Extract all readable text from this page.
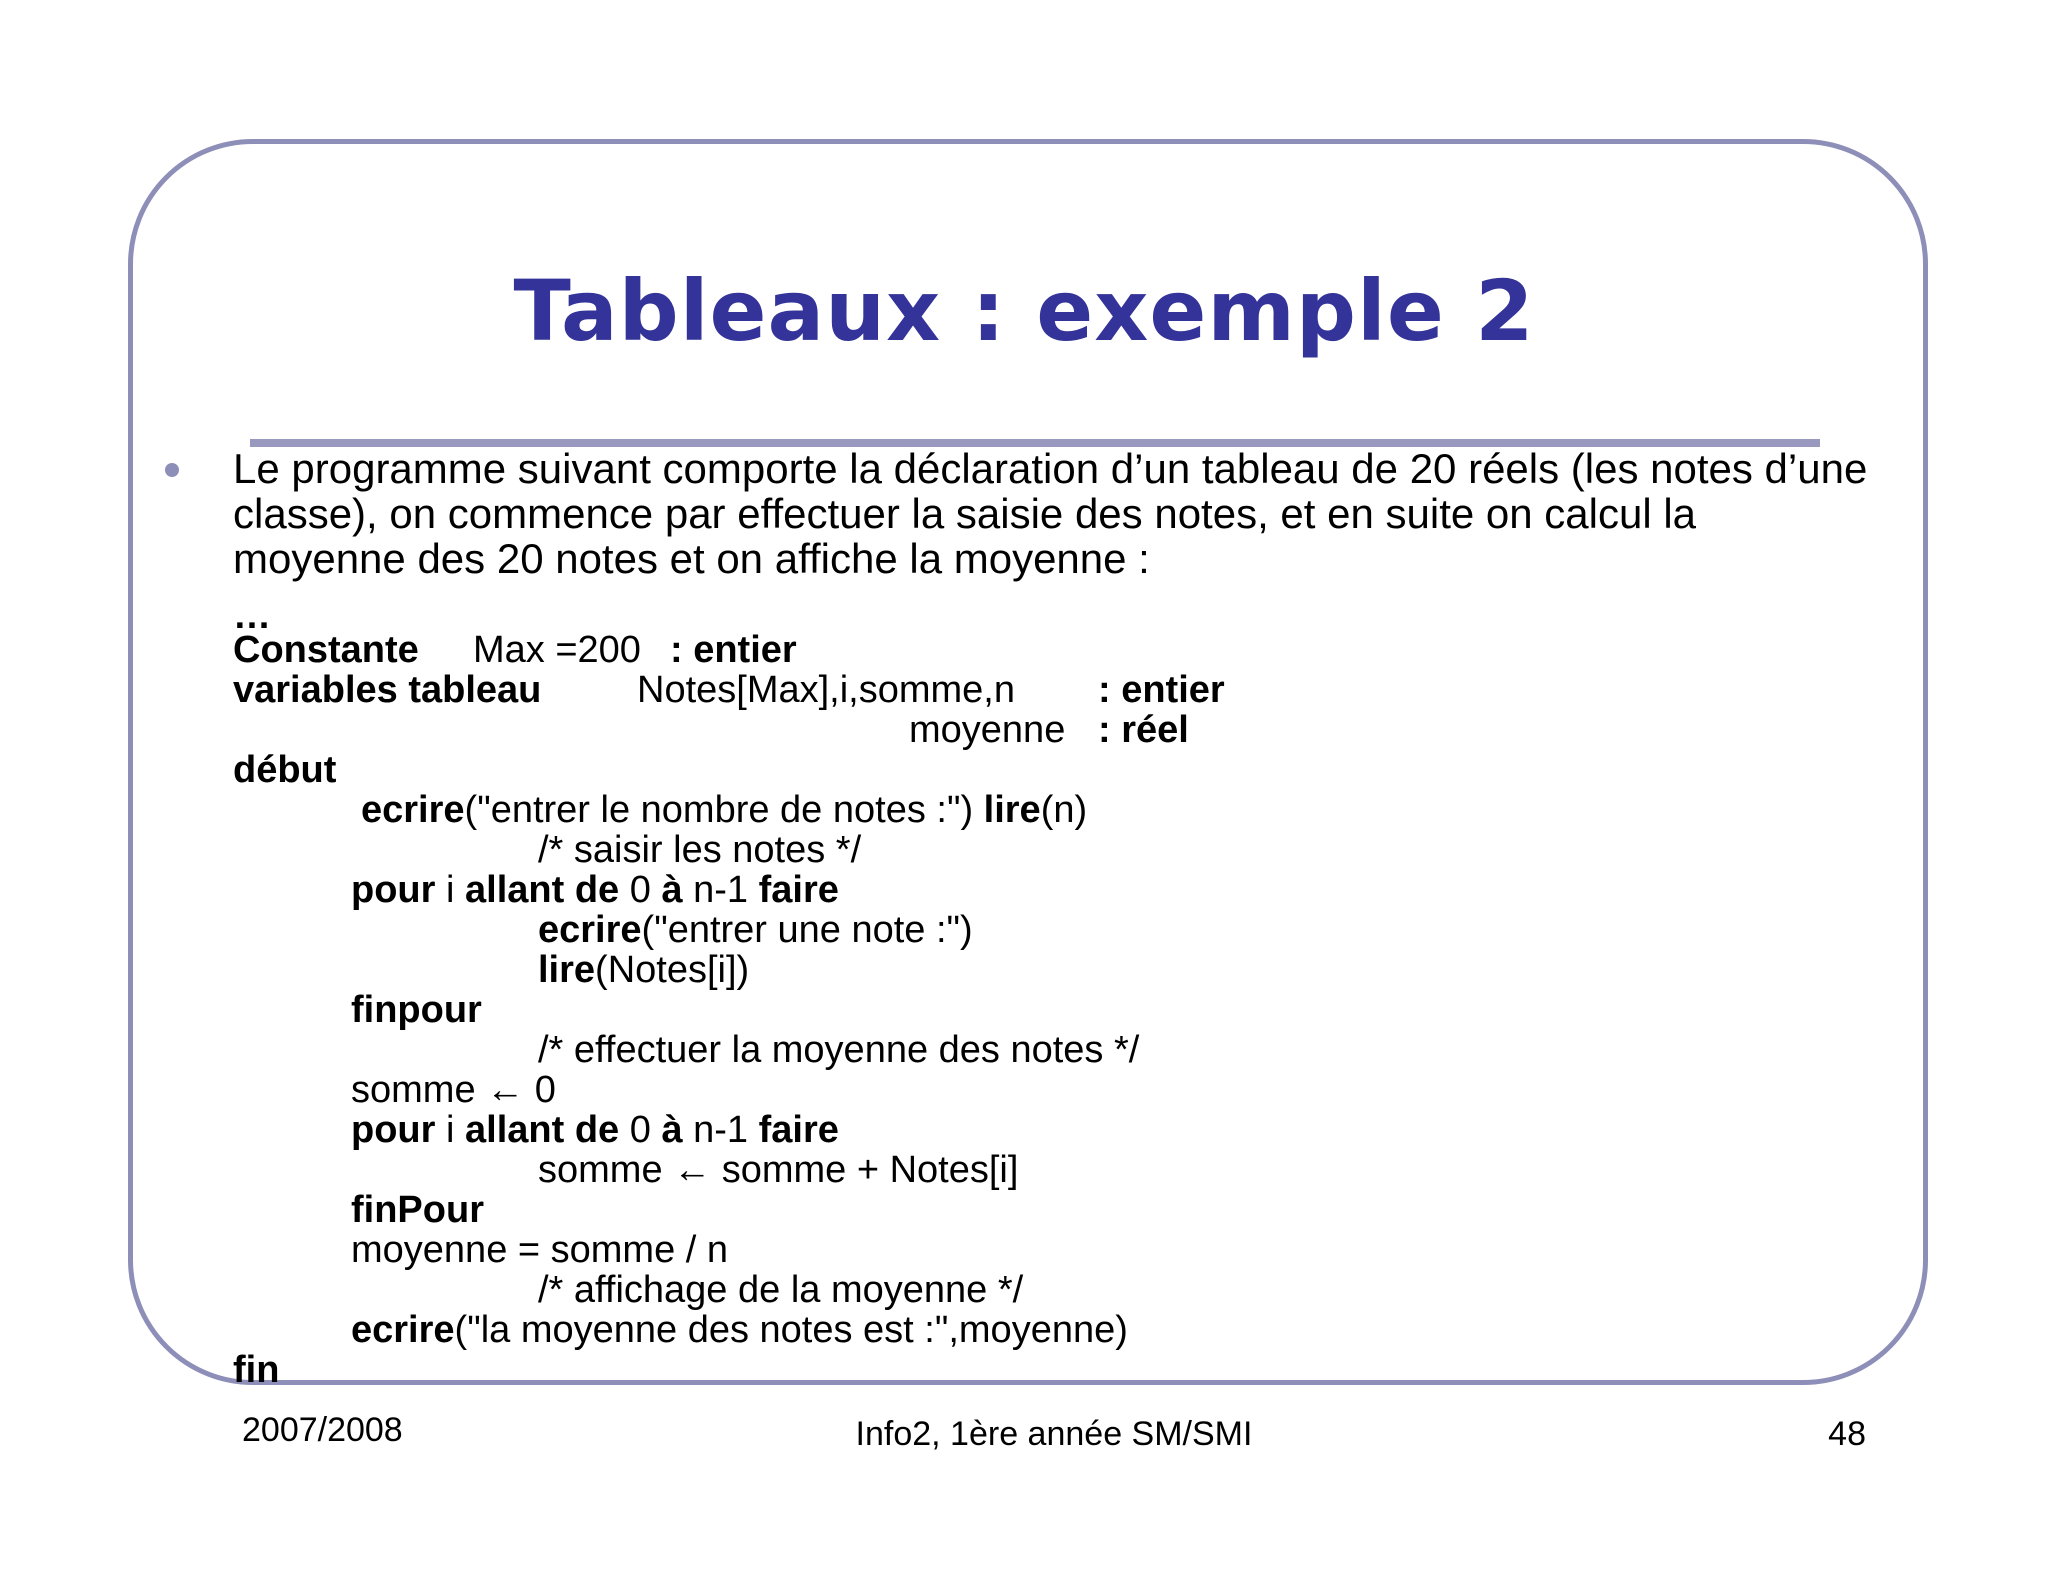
Tableaux : exemple 2

Le programme suivant comporte la déclaration d’un tableau de 20 réels (les notes d’une classe), on commence par effectuer la saisie des notes, et en suite on calcul la moyenne des 20 notes et on affiche la moyenne :

…
Constante Max =200 : entier
variables tableau	Notes[Max],i,somme,n : entier
moyenne : réel
début
ecrire("entrer le nombre de notes :") lire(n)
/* saisir les notes */
pour i allant de 0 à n-1 faire
ecrire("entrer une note :")
lire(Notes[i])
finpour
/* effectuer la moyenne des notes */
somme ← 0
pour i allant de 0 à n-1 faire
somme ← somme + Notes[i]
finPour
moyenne = somme / n
/* affichage de la moyenne */
ecrire("la moyenne des notes est :",moyenne)
fin
2007/2008	Info2, 1ère année SM/SMI	48
